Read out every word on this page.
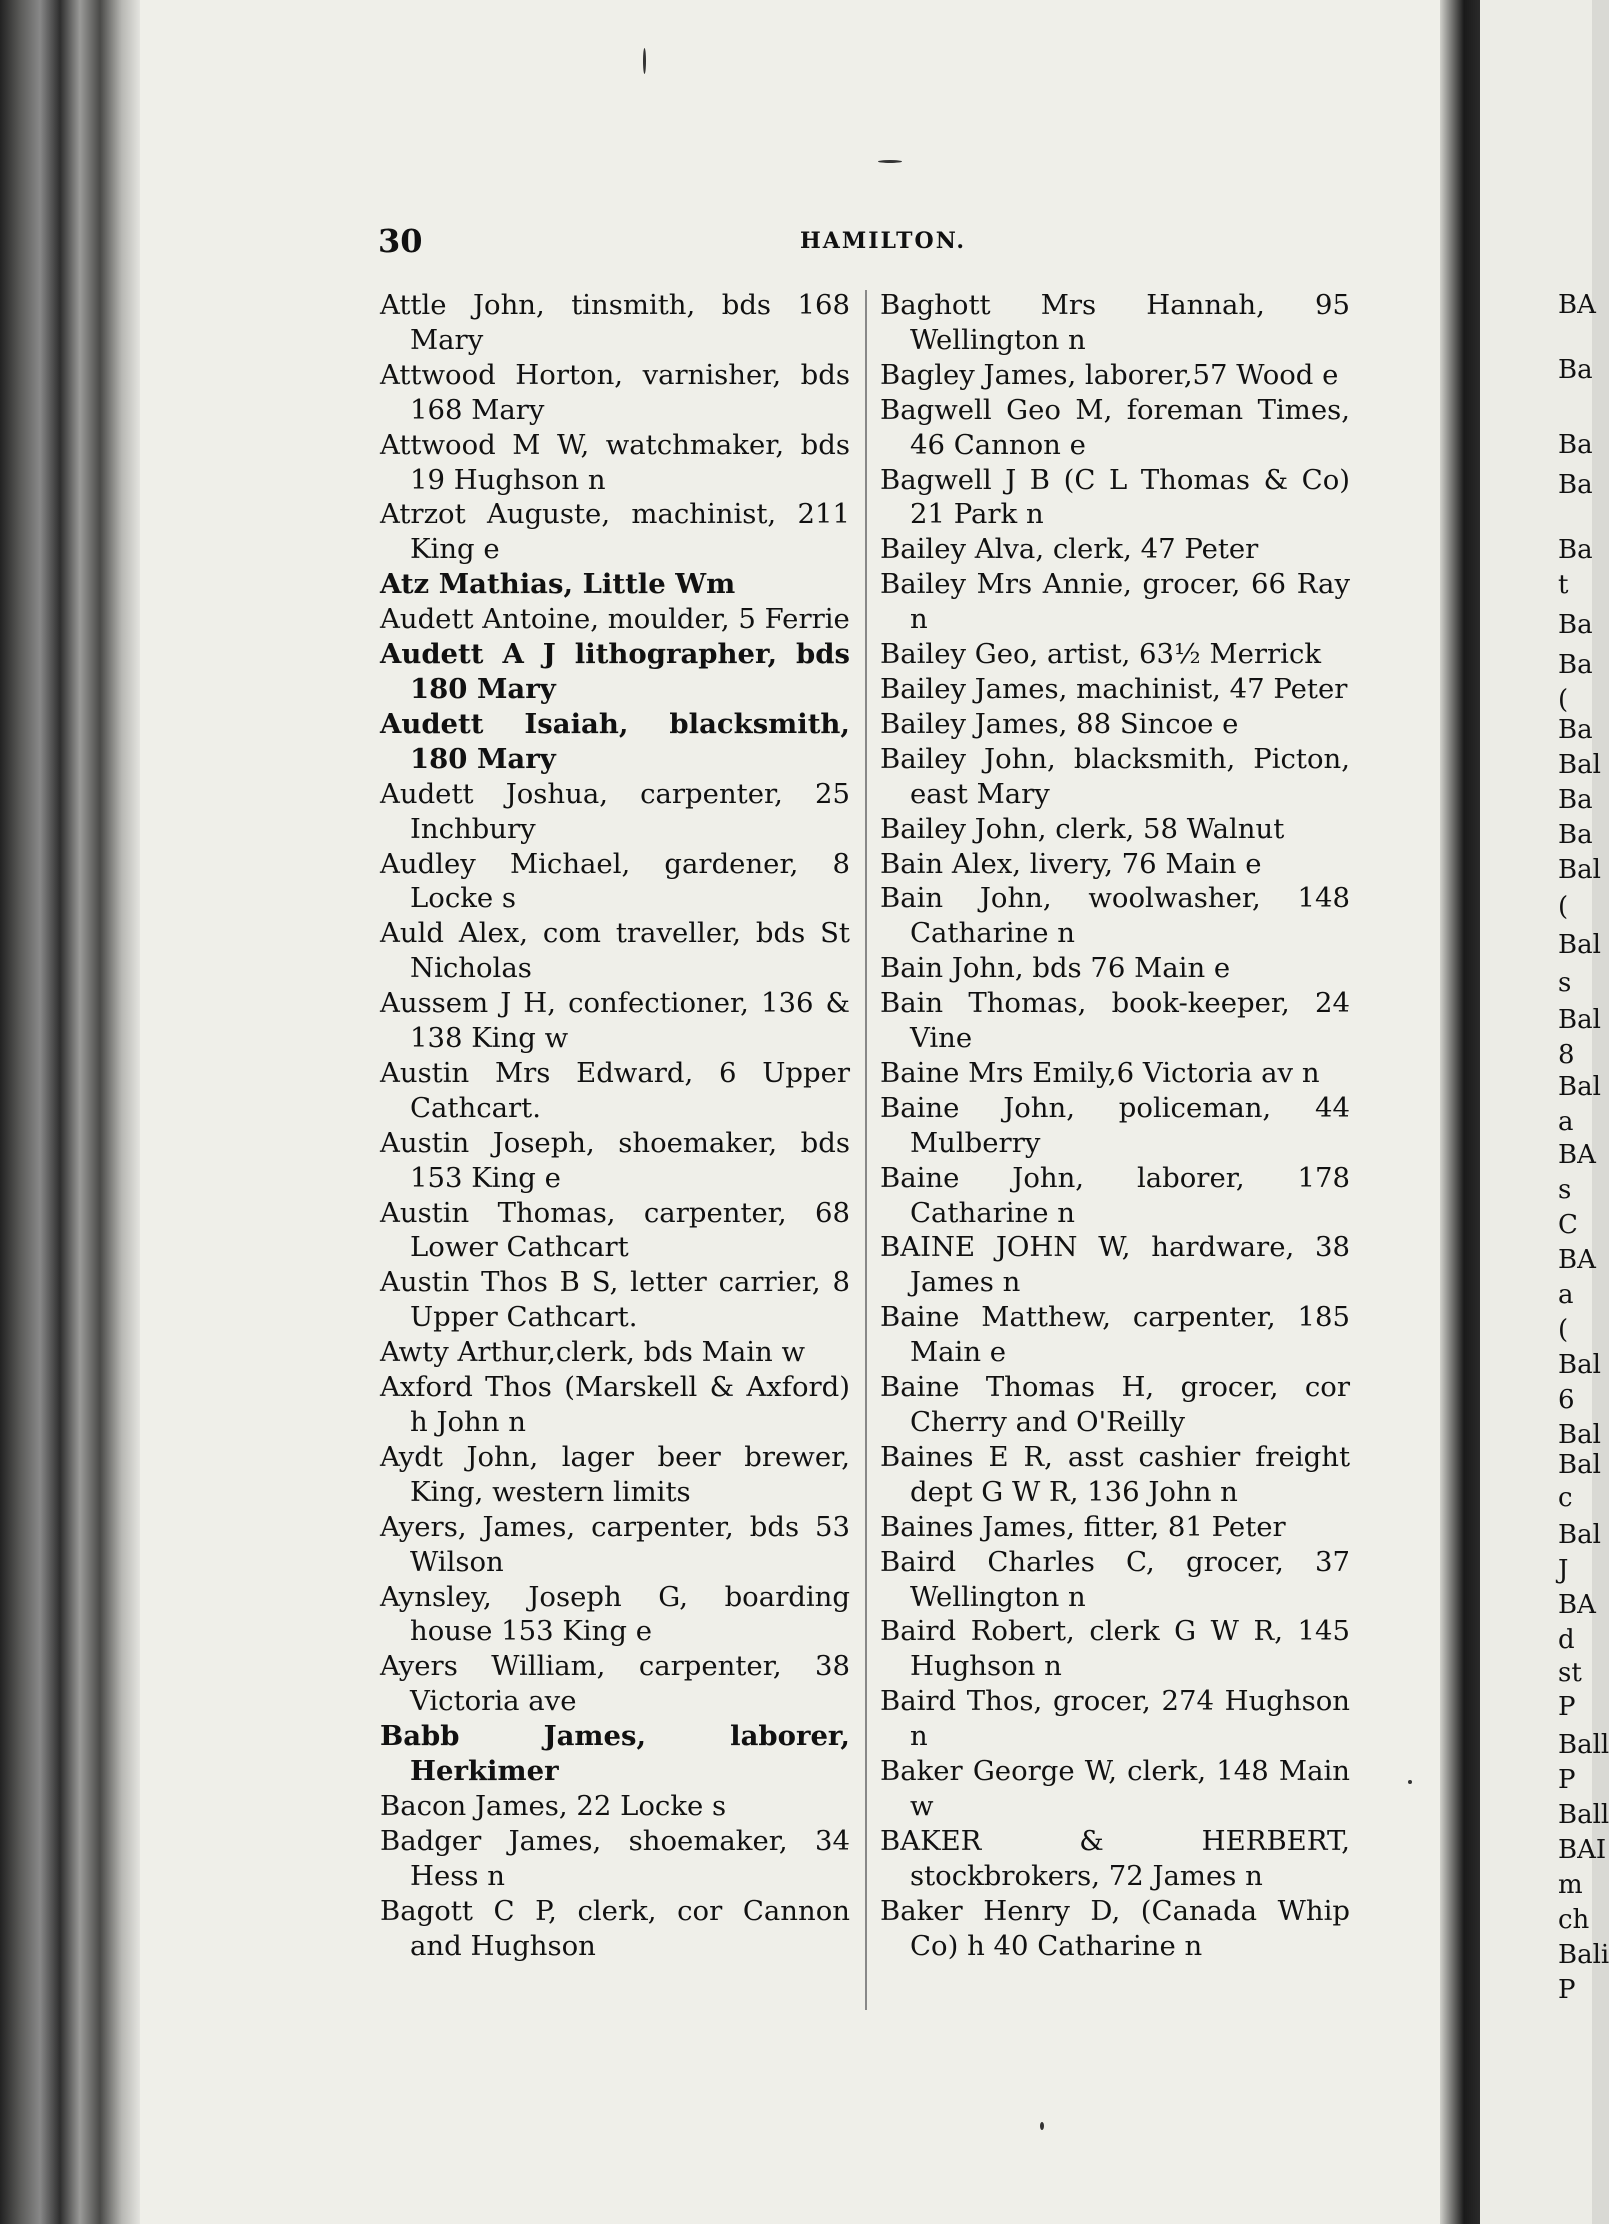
30	HAMILTON.
Attle John, tinsmith, bds 168 Mary
Attwood Horton, varnisher, bds 168 Mary
Attwood M W, watchmaker, bds 19 Hughson n
Atrzot Auguste, machinist, 211 King e
Atz Mathias, Little Wm
Audett Antoine, moulder, 5 Ferrie
Audett A J lithographer, bds 180 Mary
Audett Isaiah, blacksmith, 180 Mary
Audett Joshua, carpenter, 25 Inchbury
Audley Michael, gardener, 8 Locke s
Auld Alex, com traveller, bds St Nicholas
Aussem J H, confectioner, 136 & 138 King w
Austin Mrs Edward, 6 Upper Cathcart.
Austin Joseph, shoemaker, bds 153 King e
Austin Thomas, carpenter, 68 Lower Cathcart
Austin Thos B S, letter carrier, 8 Upper Cathcart.
Awty Arthur,clerk, bds Main w
Axford Thos (Marskell & Axford) h John n
Aydt John, lager beer brewer, King, western limits
Ayers, James, carpenter, bds 53 Wilson
Aynsley, Joseph G, boarding house 153 King e
Ayers William, carpenter, 38 Victoria ave
Babb James, laborer, Herkimer
Bacon James, 22 Locke s
Badger James, shoemaker, 34 Hess n
Bagott C P, clerk, cor Cannon and Hughson
Baghott Mrs Hannah, 95 Wellington n
Bagley James, laborer,57 Wood e
Bagwell Geo M, foreman Times, 46 Cannon e
Bagwell J B (C L Thomas & Co) 21 Park n
Bailey Alva, clerk, 47 Peter
Bailey Mrs Annie, grocer, 66 Ray n
Bailey Geo, artist, 63½ Merrick
Bailey James, machinist, 47 Peter
Bailey James, 88 Sincoe e
Bailey John, blacksmith, Picton, east Mary
Bailey John, clerk, 58 Walnut
Bain Alex, livery, 76 Main e
Bain John, woolwasher, 148 Catharine n
Bain John, bds 76 Main e
Bain Thomas, book-keeper, 24 Vine
Baine Mrs Emily,6 Victoria av n
Baine John, policeman, 44 Mulberry
Baine John, laborer, 178 Catharine n
BAINE JOHN W, hardware, 38 James n
Baine Matthew, carpenter, 185 Main e
Baine Thomas H, grocer, cor Cherry and O'Reilly
Baines E R, asst cashier freight dept G W R, 136 John n
Baines James, fitter, 81 Peter
Baird Charles C, grocer, 37 Wellington n
Baird Robert, clerk G W R, 145 Hughson n
Baird Thos, grocer, 274 Hughson n
Baker George W, clerk, 148 Main w
BAKER & HERBERT, stockbrokers, 72 James n
Baker Henry D, (Canada Whip Co) h 40 Catharine n
BA
Ba
Ba
Ba
Ba
t
Ba
Ba
(
Ba
Bal
Ba
Ba
Bal
(
Bal
s
Bal
8
Bal
a
BA
s
C
BA
a
(
Bal
6
Bal
Bal
c
Bal
J
BA
d
st
P
Ball
P
Ball
BAI
m
ch
Bali
P
